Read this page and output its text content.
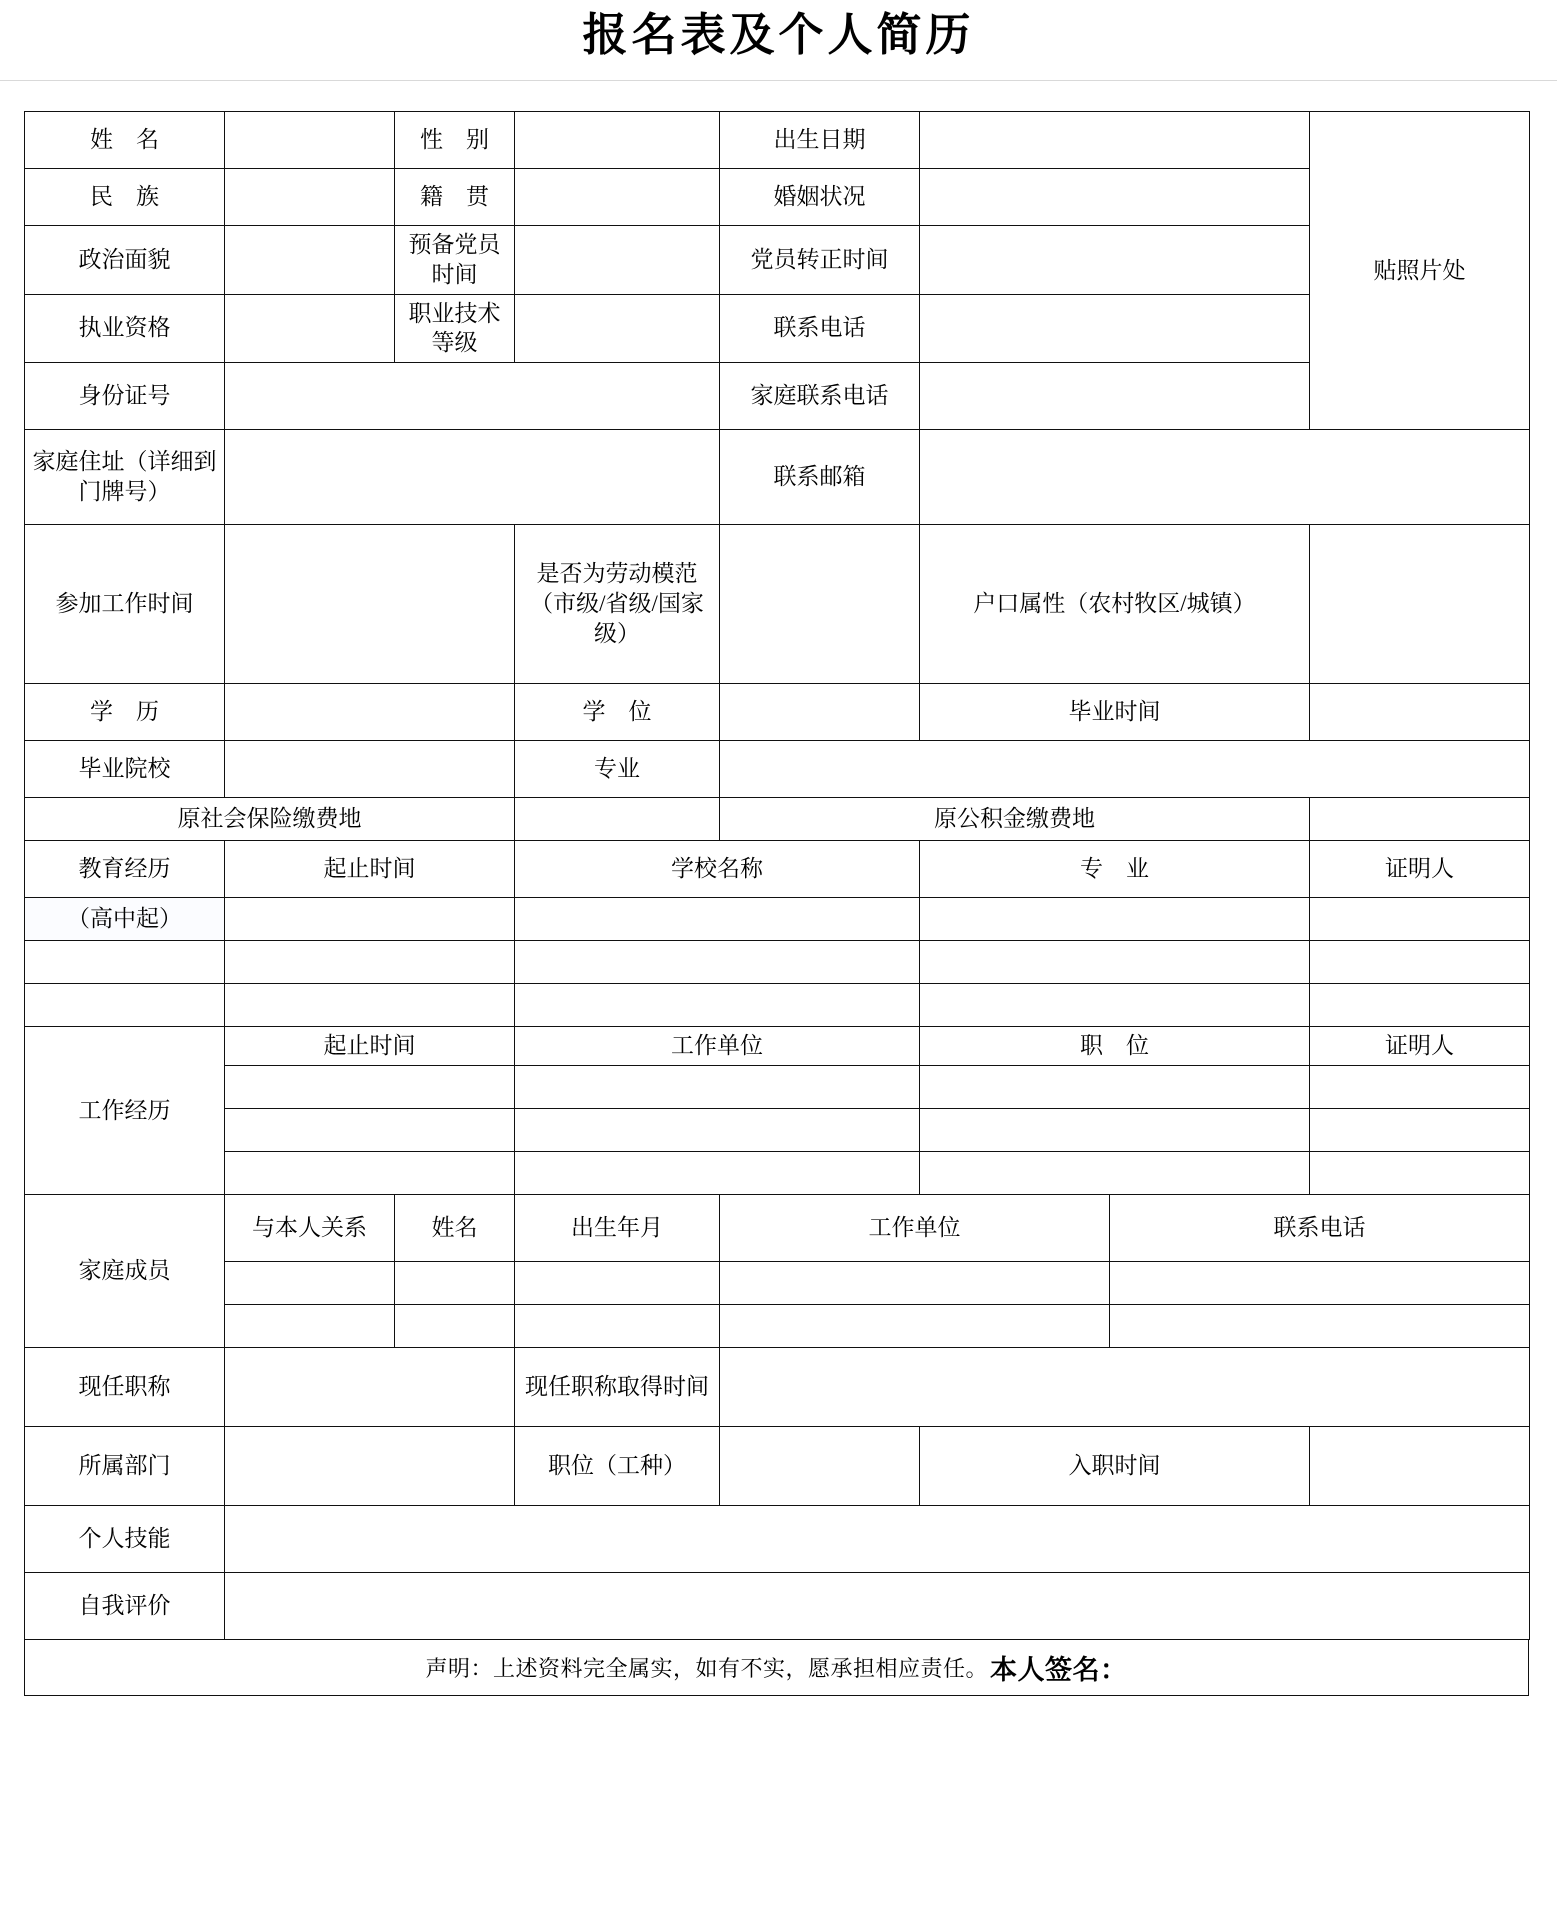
报名表及个人简历
姓　名		性　别		出生日期			贴照片处
民　族		籍　贯		婚姻状况			
政治面貌		预备党员时间		党员转正时间			
执业资格		职业技术等级		联系电话			
身份证号				家庭联系电话			
家庭住址（详细到门牌号）				联系邮箱			
参加工作时间			是否为劳动模范（市级/省级/国家级）		户口属性（农村牧区/城镇）		
学　历			学　位		毕业时间		
毕业院校			专业				
原社会保险缴费地				原公积金缴费地			
教育经历	起止时间		学校名称		专　业		证明人
（高中起）							

工作经历	起止时间		工作单位		职　位		证明人

家庭成员	与本人关系	姓名	出生年月	工作单位		联系电话	

现任职称			现任职称取得时间				
所属部门			职位（工种）		入职时间		
个人技能							
自我评价							
声明：上述资料完全属实，如有不实，愿承担相应责任。 本人签名：
